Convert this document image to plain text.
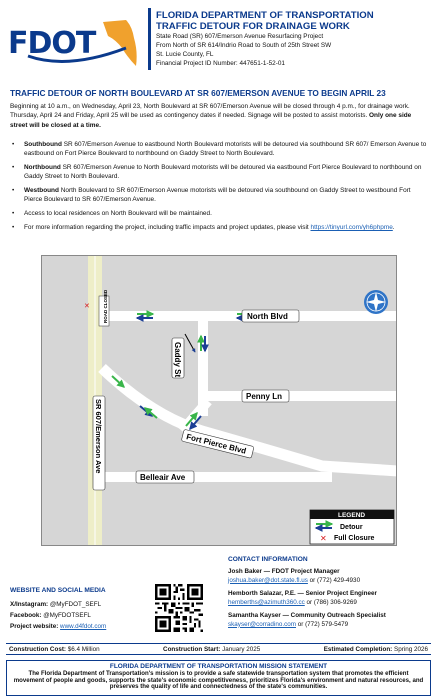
FDOT
FLORIDA DEPARTMENT OF TRANSPORTATION
TRAFFIC DETOUR FOR DRAINAGE WORK
State Road (SR) 607/Emerson Avenue Resurfacing Project
From North of SR 614/Indrio Road to South of 25th Street SW
St. Lucie County, FL
Financial Project ID Number: 447651-1-52-01
TRAFFIC DETOUR OF NORTH BOULEVARD AT SR 607/EMERSON AVENUE TO BEGIN APRIL 23

Beginning at 10 a.m., on Wednesday, April 23, North Boulevard at SR 607/Emerson Avenue will be closed through 4 p.m., for drainage work. Thursday, April 24 and Friday, April 25 will be used as contingency dates if needed. Signage will be posted to assist motorists. Only one side street will be closed at a time.

• Southbound SR 607/Emerson Avenue to eastbound North Boulevard motorists will be detoured via southbound SR 607/ Emerson Avenue to eastbound on Fort Pierce Boulevard to northbound on Gaddy Street to North Boulevard.
• Northbound SR 607/Emerson Avenue to North Boulevard motorists will be detoured via eastbound Fort Pierce Boulevard to northbound on Gaddy Street to North Boulevard.
• Westbound North Boulevard to SR 607/Emerson Avenue motorists will be detoured via southbound on Gaddy Street to westbound Fort Pierce Boulevard to SR 607/Emerson Avenue.
• Access to local residences on North Boulevard will be maintained.
• For more information regarding the project, including traffic impacts and project updates, please visit https://tinyurl.com/yh6phpme.
✕	ROAD CLOSED	North Blvd
Gaddy St
Penny Ln
Fort Pierce Blvd
Belleair Ave
SR 607/Emerson Ave
LEGEND
Detour
✕ Full Closure
CONTACT INFORMATION
Josh Baker — FDOT Project Manager
joshua.baker@dot.state.fl.us or (772) 429-4930
Hemborth Salazar, P.E. — Senior Project Engineer
hemberths@azimuth360.cc or (786) 306-9269
Samantha Kayser — Community Outreach Specialist
skayser@corradino.com or (772) 579-5479
WEBSITE AND SOCIAL MEDIA
X/Instagram: @MyFDOT_SEFL
Facebook: @MyFDOTSEFL
Project website: www.d4fdot.com
Construction Cost: $6.4 Million	Construction Start: January 2025	Estimated Completion: Spring 2026
FLORIDA DEPARTMENT OF TRANSPORTATION MISSION STATEMENT
The Florida Department of Transportation's mission is to provide a safe statewide transportation system that promotes the efficient movement of people and goods, supports the state's economic competitiveness, prioritizes Florida's environment and natural resources, and preserves the quality of life and connectedness of the state's communities.
